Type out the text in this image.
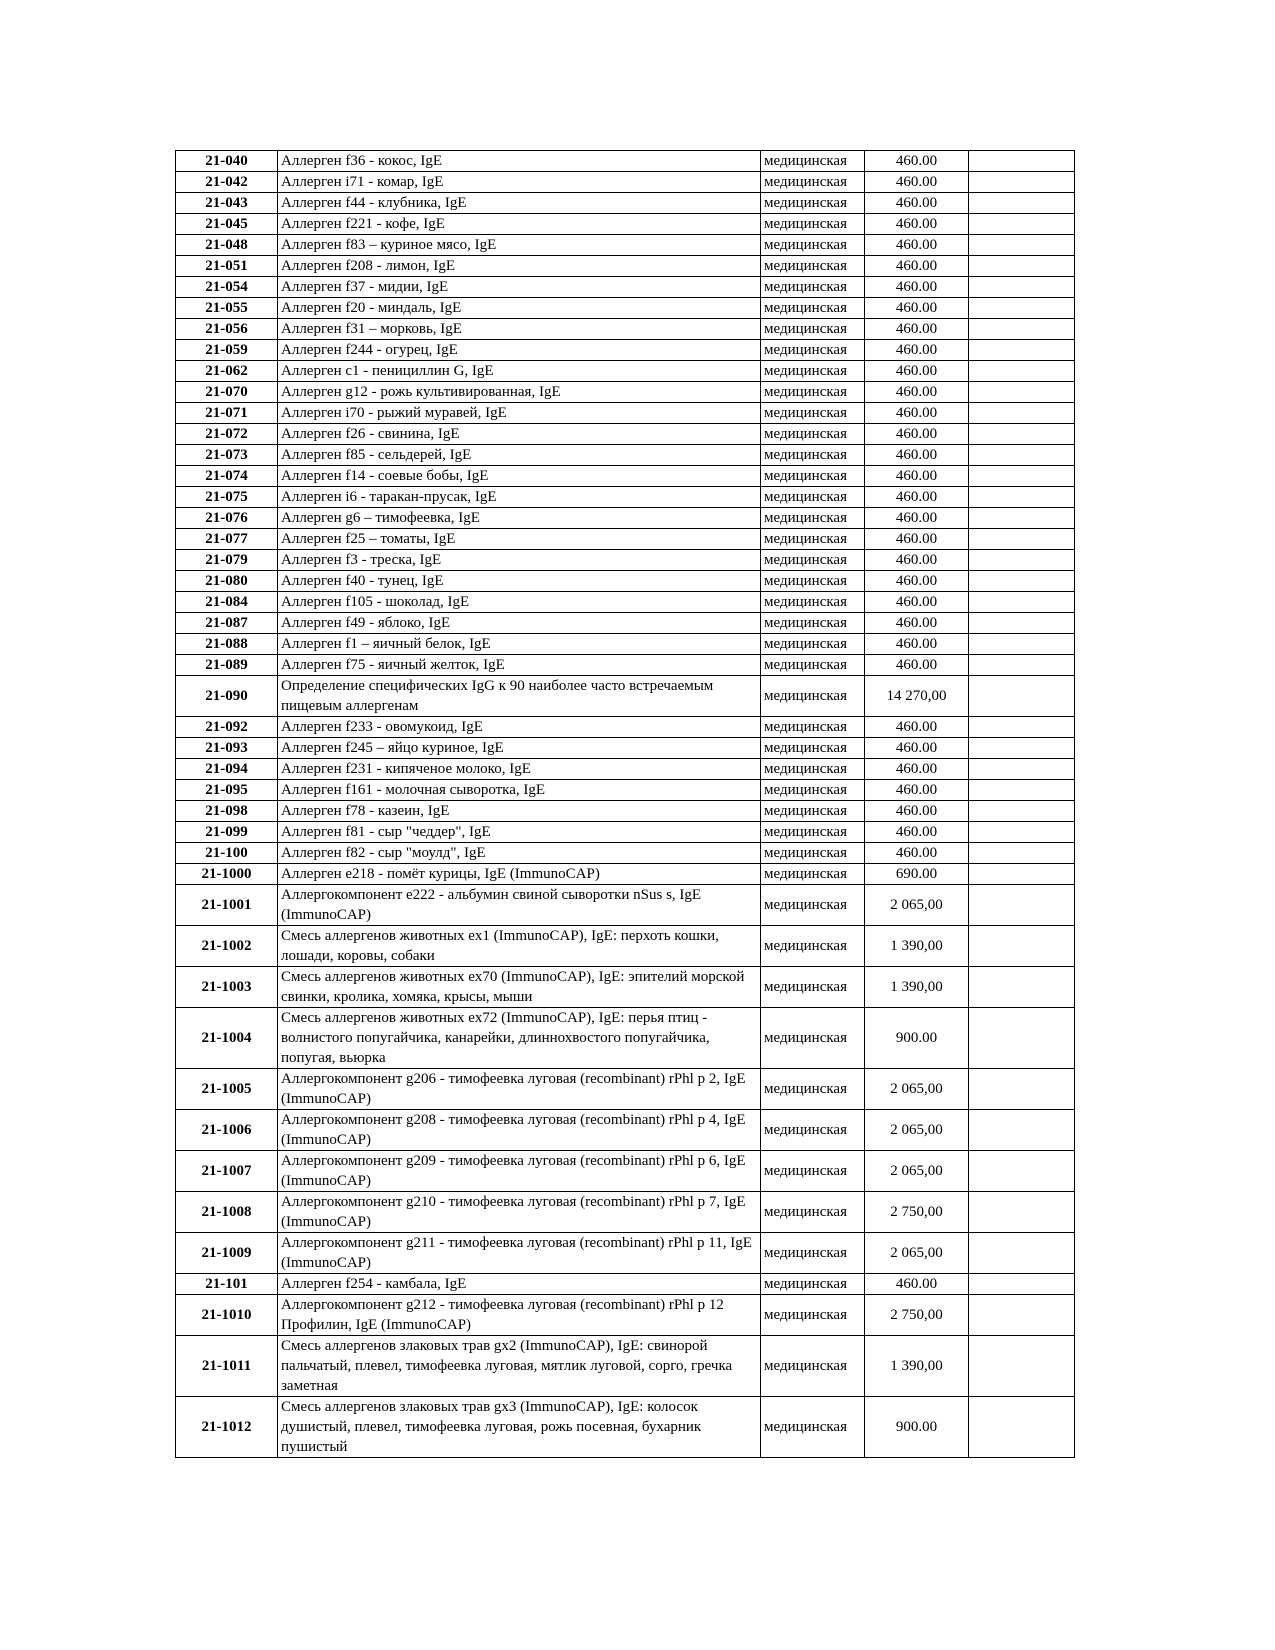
21-040	Аллерген f36 - кокос, IgE	медицинская	460.00	
21-042	Аллерген i71 - комар, IgE	медицинская	460.00	
21-043	Аллерген f44 - клубника, IgE	медицинская	460.00	
21-045	Аллерген f221 - кофе, IgE	медицинская	460.00	
21-048	Аллерген f83 – куриное мясо, IgE	медицинская	460.00	
21-051	Аллерген f208 - лимон, IgE	медицинская	460.00	
21-054	Аллерген f37 - мидии, IgE	медицинская	460.00	
21-055	Аллерген f20 - миндаль, IgE	медицинская	460.00	
21-056	Аллерген f31 – морковь, IgE	медицинская	460.00	
21-059	Аллерген f244 - огурец, IgE	медицинская	460.00	
21-062	Аллерген c1 - пенициллин G, IgE	медицинская	460.00	
21-070	Аллерген g12 - рожь культивированная, IgE	медицинская	460.00	
21-071	Аллерген i70 - рыжий муравей, IgE	медицинская	460.00	
21-072	Аллерген f26 - свинина, IgE	медицинская	460.00	
21-073	Аллерген f85 - сельдерей, IgE	медицинская	460.00	
21-074	Аллерген f14 - соевые бобы, IgE	медицинская	460.00	
21-075	Аллерген i6 - таракан-прусак, IgE	медицинская	460.00	
21-076	Аллерген g6 – тимофеевка, IgE	медицинская	460.00	
21-077	Аллерген f25 – томаты, IgE	медицинская	460.00	
21-079	Аллерген f3 - треска, IgE	медицинская	460.00	
21-080	Аллерген f40 - тунец, IgE	медицинская	460.00	
21-084	Аллерген f105 - шоколад, IgE	медицинская	460.00	
21-087	Аллерген f49 - яблоко, IgE	медицинская	460.00	
21-088	Аллерген f1 – яичный белок, IgE	медицинская	460.00	
21-089	Аллерген f75 - яичный желток, IgE	медицинская	460.00	
21-090	Определение специфических IgG к 90 наиболее часто встречаемым пищевым аллергенам	медицинская	14 270,00	
21-092	Аллерген f233 - овомукоид, IgE	медицинская	460.00	
21-093	Аллерген f245 – яйцо куриное, IgE	медицинская	460.00	
21-094	Аллерген f231 - кипяченое молоко, IgE	медицинская	460.00	
21-095	Аллерген f161 - молочная сыворотка, IgE	медицинская	460.00	
21-098	Аллерген f78 - казеин, IgE	медицинская	460.00	
21-099	Аллерген f81 - сыр "чеддер", IgE	медицинская	460.00	
21-100	Аллерген f82 - сыр "моулд", IgE	медицинская	460.00	
21-1000	Аллерген e218 - помёт курицы, IgE (ImmunoCAP)	медицинская	690.00	
21-1001	Аллергокомпонент e222 - альбумин свиной сыворотки nSus s, IgE (ImmunoCAP)	медицинская	2 065,00	
21-1002	Смесь аллергенов животных ex1 (ImmunoCAP), IgE: перхоть кошки, лошади, коровы, собаки	медицинская	1 390,00	
21-1003	Смесь аллергенов животных ex70 (ImmunoCAP), IgE: эпителий морской свинки, кролика, хомяка, крысы, мыши	медицинская	1 390,00	
21-1004	Смесь аллергенов животных ex72 (ImmunoCAP), IgE: перья птиц - волнистого попугайчика, канарейки, длиннохвостого попугайчика, попугая, вьюрка	медицинская	900.00	
21-1005	Аллергокомпонент g206 - тимофеевка луговая (recombinant) rPhl p 2, IgE (ImmunoCAP)	медицинская	2 065,00	
21-1006	Аллергокомпонент g208 - тимофеевка луговая (recombinant) rPhl p 4, IgE (ImmunoCAP)	медицинская	2 065,00	
21-1007	Аллергокомпонент g209 - тимофеевка луговая (recombinant) rPhl p 6, IgE (ImmunoCAP)	медицинская	2 065,00	
21-1008	Аллергокомпонент g210 - тимофеевка луговая (recombinant) rPhl p 7, IgE (ImmunoCAP)	медицинская	2 750,00	
21-1009	Аллергокомпонент g211 - тимофеевка луговая (recombinant) rPhl p 11, IgE (ImmunoCAP)	медицинская	2 065,00	
21-101	Аллерген f254 - камбала, IgE	медицинская	460.00	
21-1010	Аллергокомпонент g212 - тимофеевка луговая (recombinant) rPhl p 12 Профилин, IgE (ImmunoCAP)	медицинская	2 750,00	
21-1011	Смесь аллергенов злаковых трав gx2 (ImmunoCAP), IgE: свинорой пальчатый, плевел, тимофеевка луговая, мятлик луговой, сорго, гречка заметная	медицинская	1 390,00	
21-1012	Смесь аллергенов злаковых трав gx3 (ImmunoCAP), IgE: колосок душистый, плевел, тимофеевка луговая, рожь посевная, бухарник пушистый	медицинская	900.00	
